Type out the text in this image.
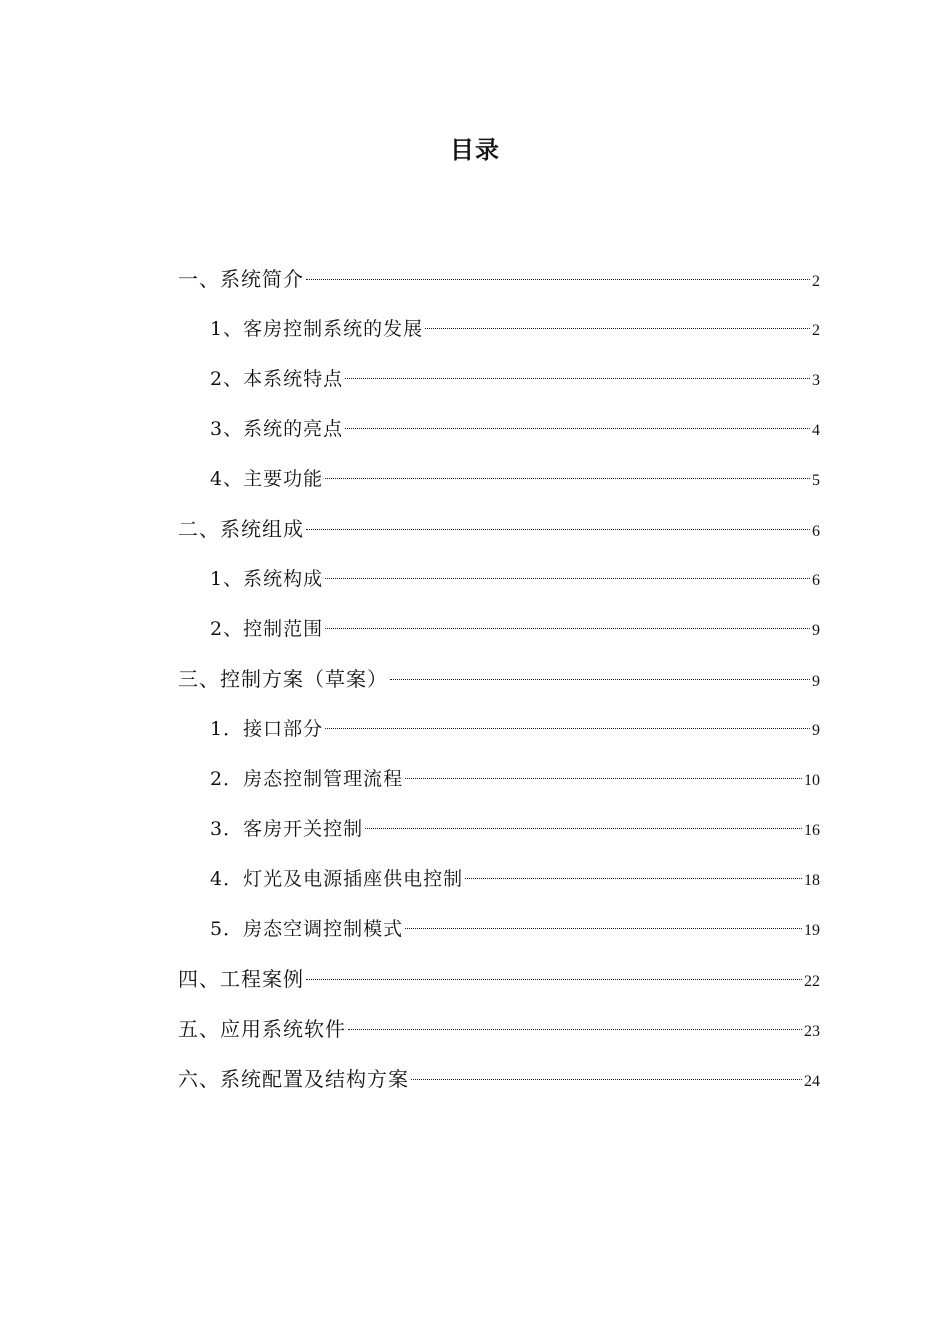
目录
一、系统简介	2
1、客房控制系统的发展	2
2、本系统特点	3
3、系统的亮点	4
4、主要功能	5
二、系统组成	6
1、系统构成	6
2、控制范围	9
三、控制方案（草案）	9
1．接口部分	9
2．房态控制管理流程	10
3．客房开关控制	16
4．灯光及电源插座供电控制	18
5．房态空调控制模式	19
四、工程案例	22
五、应用系统软件	23
六、系统配置及结构方案	24
